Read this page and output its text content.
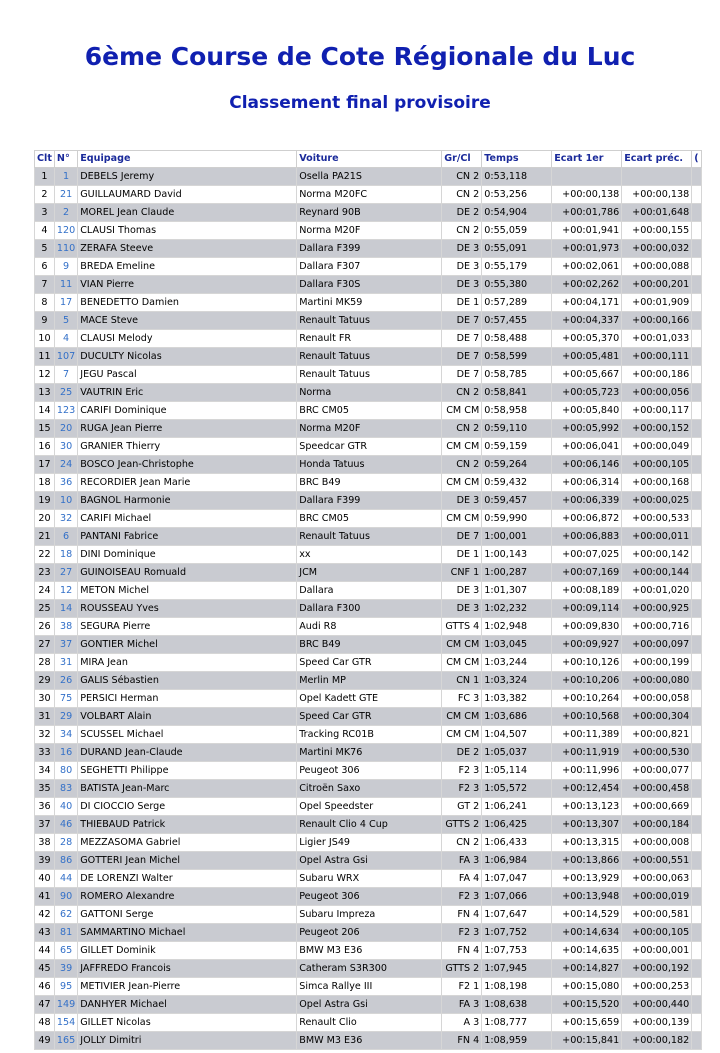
6ème Course de Cote Régionale du Luc
Classement final provisoire
Clt	N°	Equipage	Voiture	Gr/Cl	Temps	Ecart 1er	Ecart préc.	(
1	1	DEBELS Jeremy	Osella PA21S	CN 2	0:53,118			
2	21	GUILLAUMARD David	Norma M20FC	CN 2	0:53,256	+00:00,138	+00:00,138	
3	2	MOREL Jean Claude	Reynard 90B	DE 2	0:54,904	+00:01,786	+00:01,648	
4	120	CLAUSI Thomas	Norma M20F	CN 2	0:55,059	+00:01,941	+00:00,155	
5	110	ZERAFA Steeve	Dallara F399	DE 3	0:55,091	+00:01,973	+00:00,032	
6	9	BREDA Emeline	Dallara F307	DE 3	0:55,179	+00:02,061	+00:00,088	
7	11	VIAN Pierre	Dallara F30S	DE 3	0:55,380	+00:02,262	+00:00,201	
8	17	BENEDETTO Damien	Martini MK59	DE 1	0:57,289	+00:04,171	+00:01,909	
9	5	MACE Steve	Renault Tatuus	DE 7	0:57,455	+00:04,337	+00:00,166	
10	4	CLAUSI Melody	Renault FR	DE 7	0:58,488	+00:05,370	+00:01,033	
11	107	DUCULTY Nicolas	Renault Tatuus	DE 7	0:58,599	+00:05,481	+00:00,111	
12	7	JEGU Pascal	Renault Tatuus	DE 7	0:58,785	+00:05,667	+00:00,186	
13	25	VAUTRIN Eric	Norma	CN 2	0:58,841	+00:05,723	+00:00,056	
14	123	CARIFI Dominique	BRC CM05	CM CM	0:58,958	+00:05,840	+00:00,117	
15	20	RUGA Jean Pierre	Norma M20F	CN 2	0:59,110	+00:05,992	+00:00,152	
16	30	GRANIER Thierry	Speedcar GTR	CM CM	0:59,159	+00:06,041	+00:00,049	
17	24	BOSCO Jean-Christophe	Honda Tatuus	CN 2	0:59,264	+00:06,146	+00:00,105	
18	36	RECORDIER Jean Marie	BRC B49	CM CM	0:59,432	+00:06,314	+00:00,168	
19	10	BAGNOL Harmonie	Dallara F399	DE 3	0:59,457	+00:06,339	+00:00,025	
20	32	CARIFI Michael	BRC CM05	CM CM	0:59,990	+00:06,872	+00:00,533	
21	6	PANTANI Fabrice	Renault Tatuus	DE 7	1:00,001	+00:06,883	+00:00,011	
22	18	DINI Dominique	xx	DE 1	1:00,143	+00:07,025	+00:00,142	
23	27	GUINOISEAU Romuald	JCM	CNF 1	1:00,287	+00:07,169	+00:00,144	
24	12	METON Michel	Dallara	DE 3	1:01,307	+00:08,189	+00:01,020	
25	14	ROUSSEAU Yves	Dallara F300	DE 3	1:02,232	+00:09,114	+00:00,925	
26	38	SEGURA Pierre	Audi R8	GTTS 4	1:02,948	+00:09,830	+00:00,716	
27	37	GONTIER Michel	BRC B49	CM CM	1:03,045	+00:09,927	+00:00,097	
28	31	MIRA Jean	Speed Car GTR	CM CM	1:03,244	+00:10,126	+00:00,199	
29	26	GALIS Sébastien	Merlin MP	CN 1	1:03,324	+00:10,206	+00:00,080	
30	75	PERSICI Herman	Opel Kadett GTE	FC 3	1:03,382	+00:10,264	+00:00,058	
31	29	VOLBART Alain	Speed Car GTR	CM CM	1:03,686	+00:10,568	+00:00,304	
32	34	SCUSSEL Michael	Tracking RC01B	CM CM	1:04,507	+00:11,389	+00:00,821	
33	16	DURAND Jean-Claude	Martini MK76	DE 2	1:05,037	+00:11,919	+00:00,530	
34	80	SEGHETTI Philippe	Peugeot 306	F2 3	1:05,114	+00:11,996	+00:00,077	
35	83	BATISTA Jean-Marc	Citroën Saxo	F2 3	1:05,572	+00:12,454	+00:00,458	
36	40	DI CIOCCIO Serge	Opel Speedster	GT 2	1:06,241	+00:13,123	+00:00,669	
37	46	THIEBAUD Patrick	Renault Clio 4 Cup	GTTS 2	1:06,425	+00:13,307	+00:00,184	
38	28	MEZZASOMA Gabriel	Ligier JS49	CN 2	1:06,433	+00:13,315	+00:00,008	
39	86	GOTTERI Jean Michel	Opel Astra Gsi	FA 3	1:06,984	+00:13,866	+00:00,551	
40	44	DE LORENZI Walter	Subaru WRX	FA 4	1:07,047	+00:13,929	+00:00,063	
41	90	ROMERO Alexandre	Peugeot 306	F2 3	1:07,066	+00:13,948	+00:00,019	
42	62	GATTONI Serge	Subaru Impreza	FN 4	1:07,647	+00:14,529	+00:00,581	
43	81	SAMMARTINO Michael	Peugeot 206	F2 3	1:07,752	+00:14,634	+00:00,105	
44	65	GILLET Dominik	BMW M3 E36	FN 4	1:07,753	+00:14,635	+00:00,001	
45	39	JAFFREDO Francois	Catheram S3R300	GTTS 2	1:07,945	+00:14,827	+00:00,192	
46	95	METIVIER Jean-Pierre	Simca Rallye III	F2 1	1:08,198	+00:15,080	+00:00,253	
47	149	DANHYER Michael	Opel Astra Gsi	FA 3	1:08,638	+00:15,520	+00:00,440	
48	154	GILLET Nicolas	Renault Clio	A 3	1:08,777	+00:15,659	+00:00,139	
49	165	JOLLY Dimitri	BMW M3 E36	FN 4	1:08,959	+00:15,841	+00:00,182	
